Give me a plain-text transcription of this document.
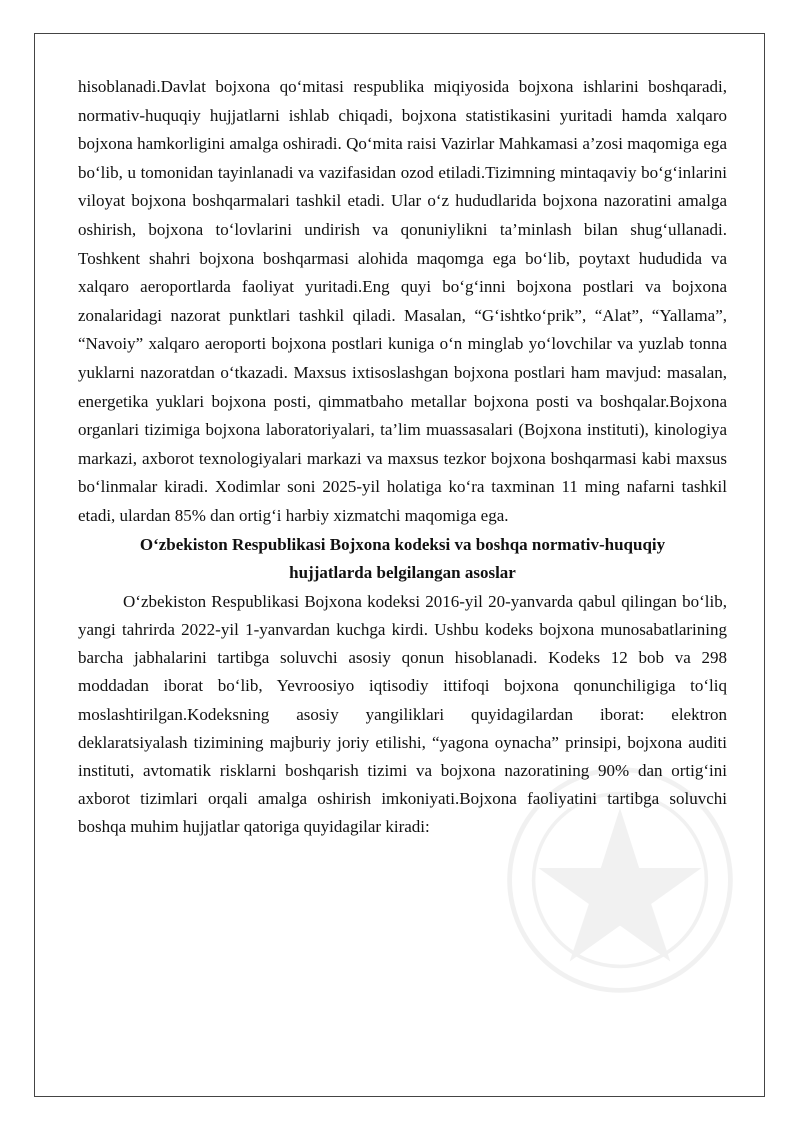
hisoblanadi.Davlat bojxona qo‘mitasi respublika miqiyosida bojxona ishlarini boshqaradi, normativ-huquqiy hujjatlarni ishlab chiqadi, bojxona statistikasini yuritadi hamda xalqaro bojxona hamkorligini amalga oshiradi. Qo‘mita raisi Vazirlar Mahkamasi a’zosi maqomiga ega bo‘lib, u tomonidan tayinlanadi va vazifasidan ozod etiladi.Tizimning mintaqaviy bo‘g‘inlarini viloyat bojxona boshqarmalari tashkil etadi. Ular o‘z hududlarida bojxona nazoratini amalga oshirish, bojxona to‘lovlarini undirish va qonuniylikni ta’minlash bilan shug‘ullanadi. Toshkent shahri bojxona boshqarmasi alohida maqomga ega bo‘lib, poytaxt hududida va xalqaro aeroportlarda faoliyat yuritadi.Eng quyi bo‘g‘inni bojxona postlari va bojxona zonalaridagi nazorat punktlari tashkil qiladi. Masalan, “G‘ishtko‘prik”, “Alat”, “Yallama”, “Navoiy” xalqaro aeroporti bojxona postlari kuniga o‘n minglab yo‘lovchilar va yuzlab tonna yuklarni nazoratdan o‘tkazadi. Maxsus ixtisoslashgan bojxona postlari ham mavjud: masalan, energetika yuklari bojxona posti, qimmatbaho metallar bojxona posti va boshqalar.Bojxona organlari tizimiga bojxona laboratoriyalari, ta’lim muassasalari (Bojxona instituti), kinologiya markazi, axborot texnologiyalari markazi va maxsus tezkor bojxona boshqarmasi kabi maxsus bo‘linmalar kiradi. Xodimlar soni 2025-yil holatiga ko‘ra taxminan 11 ming nafarni tashkil etadi, ulardan 85% dan ortig‘i harbiy xizmatchi maqomiga ega.

O‘zbekiston Respublikasi Bojxona kodeksi va boshqa normativ-huquqiy

hujjatlarda belgilangan asoslar

O‘zbekiston Respublikasi Bojxona kodeksi 2016-yil 20-yanvarda qabul qilingan bo‘lib, yangi tahrirda 2022-yil 1-yanvardan kuchga kirdi. Ushbu kodeks bojxona munosabatlarining barcha jabhalarini tartibga soluvchi asosiy qonun hisoblanadi. Kodeks 12 bob va 298 moddadan iborat bo‘lib, Yevroosiyo iqtisodiy ittifoqi bojxona qonunchiligiga to‘liq moslashtirilgan.Kodeksning asosiy yangiliklari quyidagilardan iborat: elektron deklaratsiyalash tizimining majburiy joriy etilishi, “yagona oynacha” prinsipi, bojxona auditi instituti, avtomatik risklarni boshqarish tizimi va bojxona nazoratining 90% dan ortig‘ini axborot tizimlari orqali amalga oshirish imkoniyati.Bojxona faoliyatini tartibga soluvchi boshqa muhim hujjatlar qatoriga quyidagilar kiradi:
